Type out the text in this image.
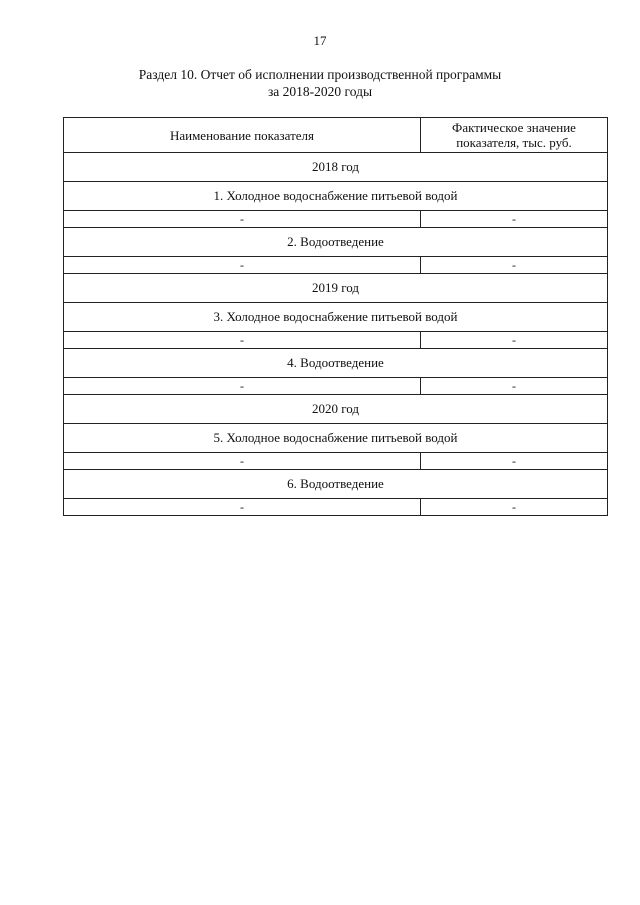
17
Раздел 10. Отчет об исполнении производственной программы
за 2018-2020 годы
Наименование показателя	Фактическое значение показателя, тыс. руб.
2018 год	
1. Холодное водоснабжение питьевой водой	
-	-
2. Водоотведение	
-	-
2019 год	
3. Холодное водоснабжение питьевой водой	
-	-
4. Водоотведение	
-	-
2020 год	
5. Холодное водоснабжение питьевой водой	
-	-
6. Водоотведение	
-	-
